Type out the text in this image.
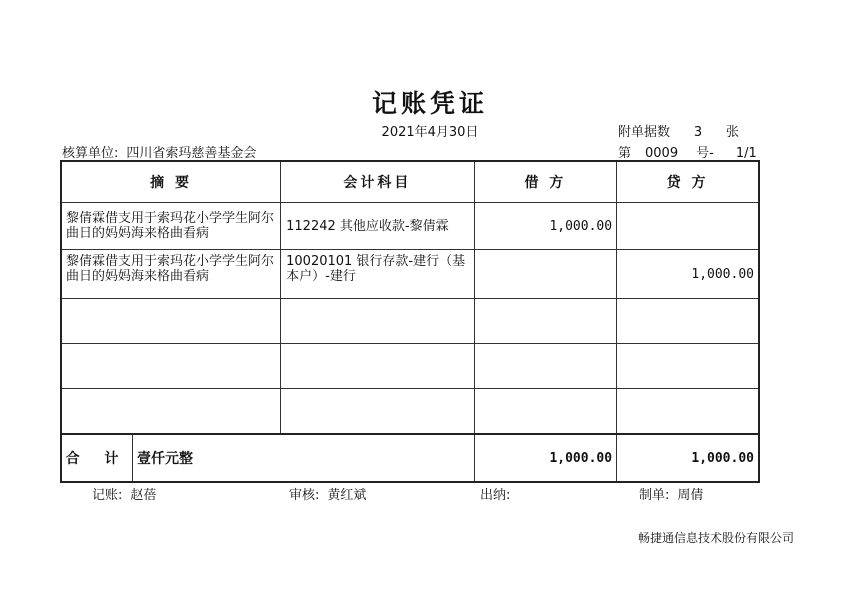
记账凭证
2021年4月30日
核算单位: 四川省索玛慈善基金会
附单据数 3 张
第 0009 号- 1/1
摘 要	会计科目	借 方	贷 方
黎倩霖借支用于索玛花小学学生阿尔曲日的妈妈海来格曲看病	112242 其他应收款-黎倩霖	1,000.00	
黎倩霖借支用于索玛花小学学生阿尔曲日的妈妈海来格曲看病	10020101 银行存款-建行（基本户）-建行		1,000.00

合 计 壹仟元整		1,000.00	1,000.00
记账: 赵蓓	审核: 黄红斌	出纳:	制单: 周倩
畅捷通信息技术股份有限公司
